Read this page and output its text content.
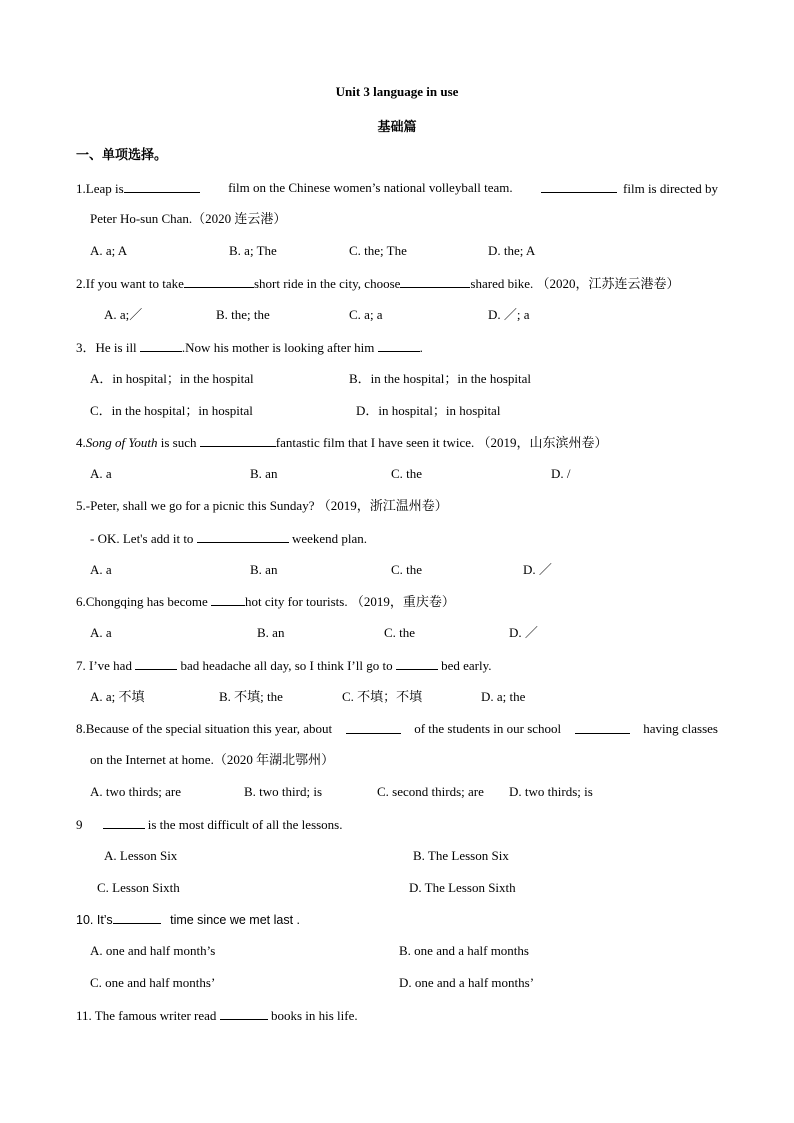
Unit 3 language in use
基础篇
一、单项选择。
1.Leap is	film on the Chinese women’s national volleyball team.	film is directed by
Peter Ho-sun Chan.（2020 连云港）
A. a; A	B. a; The	C. the; The	D. the; A
2.If you want to take	short ride in the city, choose	shared bike. （2020，江苏连云港卷）
A. a;／	B. the; the	C. a; a	D. ／; a
3．He is ill	.Now his mother is looking after him	.
A．in hospital；in the hospital	B．in the hospital；in the hospital
C．in the hospital；in hospital	D．in hospital；in hospital
4.Song of Youth is such	fantastic film that I have seen it twice. （2019，山东滨州卷）
A. a	B. an	C. the	D. /
5.-Peter, shall we go for a picnic this Sunday? （2019，浙江温州卷）
- OK. Let's add it to	weekend plan.
A. a	B. an	C. the	D. ／
6.Chongqing has become	hot city for tourists. （2019，重庆卷）
A. a	B. an	C. the	D. ／
7. I’ve had	bad headache all day, so I think I’ll go to	bed early.
A. a; 不填	B. 不填; the	C. 不填；不填	D. a; the
8.Because of the special situation this year, about	of the students in our school	having classes
on the Internet at home.（2020 年湖北鄂州）
A. two thirds; are	B. two third; is	C. second thirds; are D. two thirds; is
9	is the most difficult of all the lessons.
A. Lesson Six	B. The Lesson Six
C. Lesson Sixth	D. The Lesson Sixth
10. It’s	time since we met last .
A. one and half month’s	B. one and a half months
C. one and half months’	D. one and a half months’
11. The famous writer read	books in his life.
